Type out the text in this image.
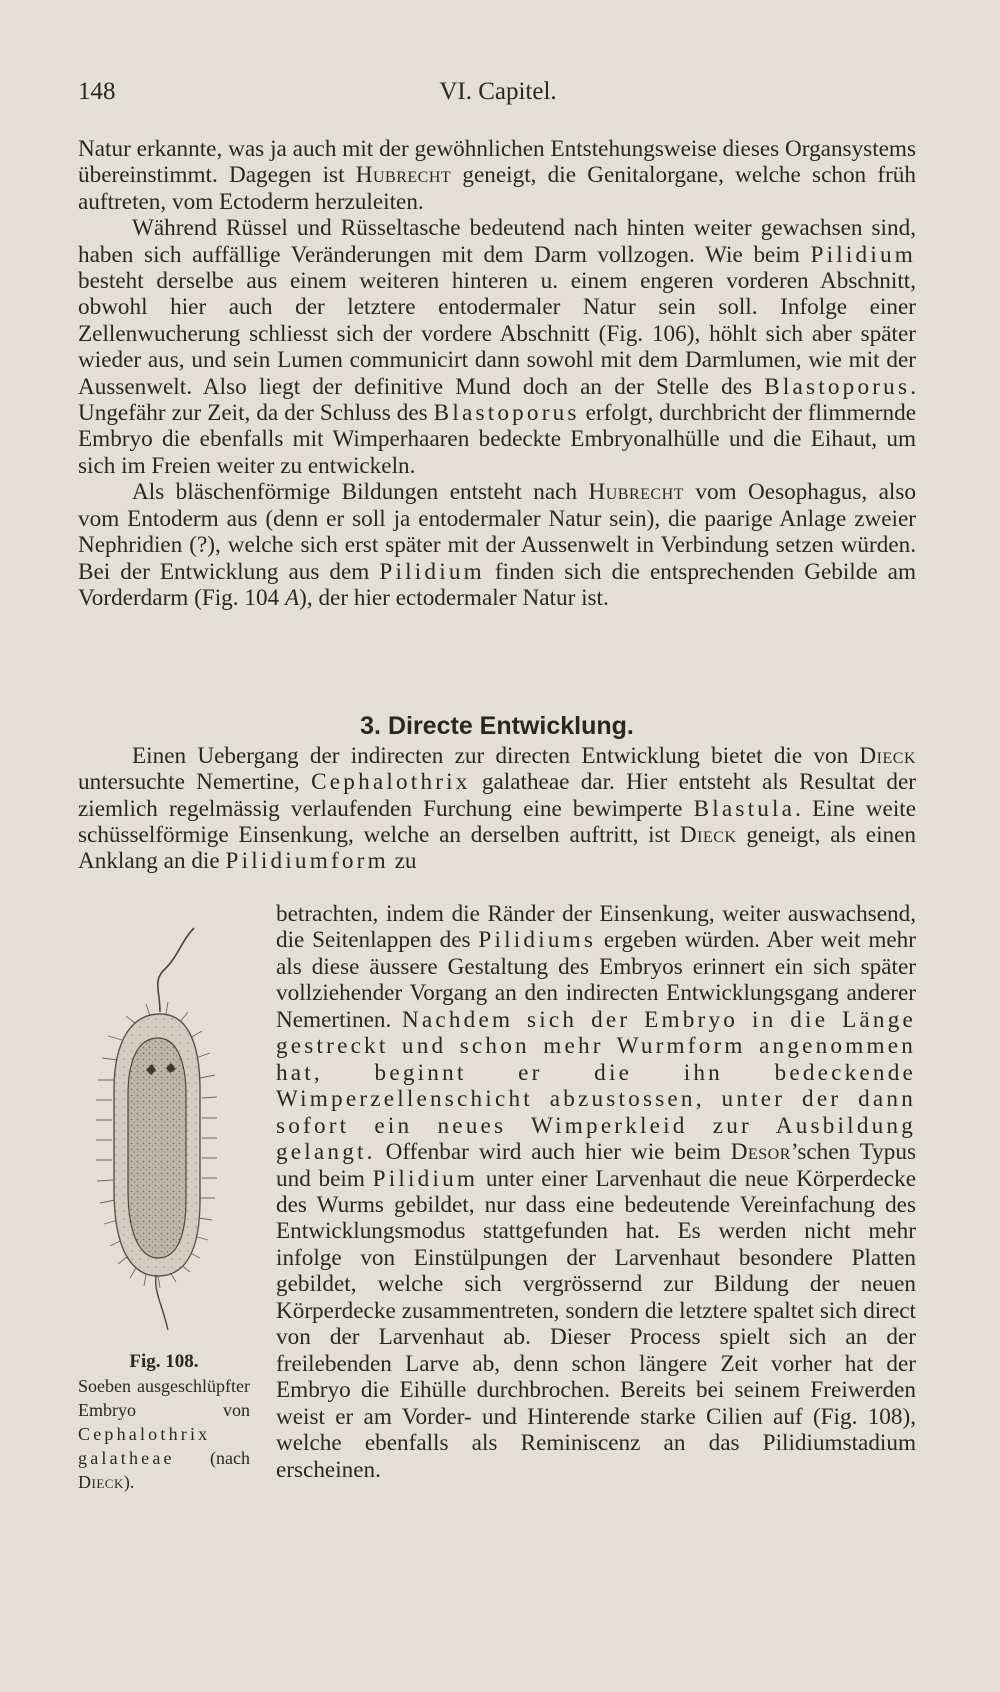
148	VI. Capitel.

Natur erkannte, was ja auch mit der gewöhnlichen Entstehungsweise dieses Organsystems übereinstimmt. Dagegen ist Hubrecht geneigt, die Genitalorgane, welche schon früh auftreten, vom Ectoderm herzuleiten.

Während Rüssel und Rüsseltasche bedeutend nach hinten weiter gewachsen sind, haben sich auffällige Veränderungen mit dem Darm vollzogen. Wie beim Pilidium besteht derselbe aus einem weiteren hinteren u. einem engeren vorderen Abschnitt, obwohl hier auch der letztere entodermaler Natur sein soll. Infolge einer Zellenwucherung schliesst sich der vordere Abschnitt (Fig. 106), höhlt sich aber später wieder aus, und sein Lumen communicirt dann sowohl mit dem Darmlumen, wie mit der Aussenwelt. Also liegt der definitive Mund doch an der Stelle des Blastoporus. Ungefähr zur Zeit, da der Schluss des Blastoporus erfolgt, durchbricht der flimmernde Embryo die ebenfalls mit Wimperhaaren bedeckte Embryonalhülle und die Eihaut, um sich im Freien weiter zu entwickeln.

Als bläschenförmige Bildungen entsteht nach Hubrecht vom Oesophagus, also vom Entoderm aus (denn er soll ja entodermaler Natur sein), die paarige Anlage zweier Nephridien (?), welche sich erst später mit der Aussenwelt in Verbindung setzen würden. Bei der Entwicklung aus dem Pilidium finden sich die entsprechenden Gebilde am Vorderdarm (Fig. 104 A), der hier ectodermaler Natur ist.

3. Directe Entwicklung.

Einen Uebergang der indirecten zur directen Entwicklung bietet die von Dieck untersuchte Nemertine, Cephalothrix galatheae dar. Hier entsteht als Resultat der ziemlich regelmässig verlaufenden Furchung eine bewimperte Blastula. Eine weite schüsselförmige Einsenkung, welche an derselben auftritt, ist Dieck geneigt, als einen Anklang an die Pilidiumform zu

betrachten, indem die Ränder der Einsenkung, weiter auswachsend, die Seitenlappen des Pilidiums ergeben würden. Aber weit mehr als diese äussere Gestaltung des Embryos erinnert ein sich später vollziehender Vorgang an den indirecten Entwicklungsgang anderer Nemertinen. Nachdem sich der Embryo in die Länge gestreckt und schon mehr Wurmform angenommen hat, beginnt er die ihn bedeckende Wimperzellenschicht abzustossen, unter der dann sofort ein neues Wimperkleid zur Ausbildung gelangt. Offenbar wird auch hier wie beim Desor’schen Typus und beim Pilidium unter einer Larvenhaut die neue Körperdecke des Wurms gebildet, nur dass eine bedeutende Vereinfachung des Entwicklungsmodus stattgefunden hat. Es werden nicht mehr infolge von Einstülpungen der Larvenhaut besondere Platten gebildet, welche sich vergrössernd zur Bildung der neuen Körperdecke zusammentreten, sondern die letztere spaltet sich direct von der Larvenhaut ab. Dieser Process spielt sich an der freilebenden Larve ab, denn schon längere Zeit vorher hat der Embryo die Eihülle durchbrochen. Bereits bei seinem Freiwerden weist er am Vorder- und Hinterende starke Cilien auf (Fig. 108), welche ebenfalls als Reminiscenz an das Pilidiumstadium erscheinen.

Fig. 108.
Soeben ausgeschlüpfter Embryo von Cephalothrix galatheae (nach Dieck).
